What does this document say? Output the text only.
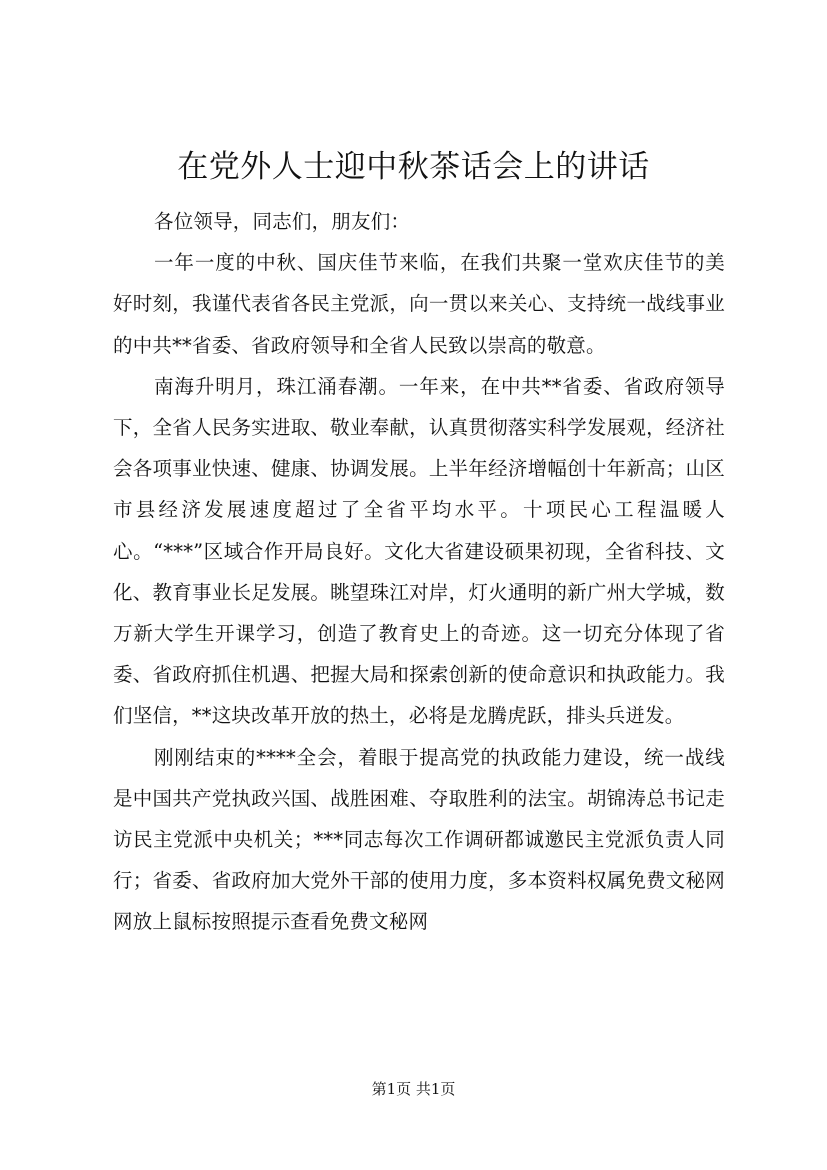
在党外人士迎中秋茶话会上的讲话

各位领导，同志们，朋友们：

一年一度的中秋、国庆佳节来临，在我们共聚一堂欢庆佳节的美好时刻，我谨代表省各民主党派，向一贯以来关心、支持统一战线事业的中共**省委、省政府领导和全省人民致以崇高的敬意。

南海升明月，珠江涌春潮。一年来，在中共**省委、省政府领导下，全省人民务实进取、敬业奉献，认真贯彻落实科学发展观，经济社会各项事业快速、健康、协调发展。上半年经济增幅创十年新高；山区市县经济发展速度超过了全省平均水平。十项民心工程温暖人心。“***”区域合作开局良好。文化大省建设硕果初现，全省科技、文化、教育事业长足发展。眺望珠江对岸，灯火通明的新广州大学城，数万新大学生开课学习，创造了教育史上的奇迹。这一切充分体现了省委、省政府抓住机遇、把握大局和探索创新的使命意识和执政能力。我们坚信，**这块改革开放的热土，必将是龙腾虎跃，排头兵迸发。

刚刚结束的****全会，着眼于提高党的执政能力建设，统一战线是中国共产党执政兴国、战胜困难、夺取胜利的法宝。胡锦涛总书记走访民主党派中央机关；***同志每次工作调研都诚邀民主党派负责人同行；省委、省政府加大党外干部的使用力度，多本资料权属免费文秘网网放上鼠标按照提示查看免费文秘网

第1页 共1页
